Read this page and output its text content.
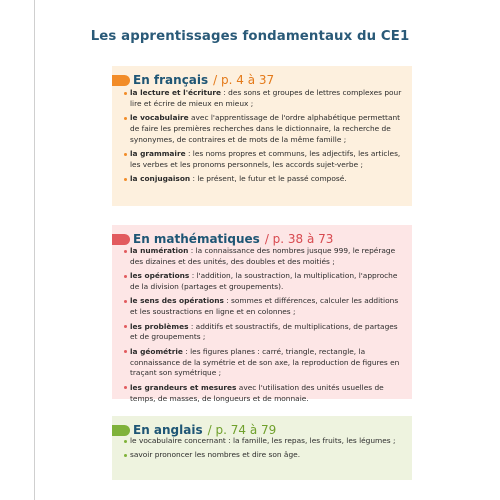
Les apprentissages fondamentaux du CE1
En français / p. 4 à 37
la lecture et l'écriture : des sons et groupes de lettres complexes pour lire et écrire de mieux en mieux ;
le vocabulaire avec l'apprentissage de l'ordre alphabétique permettant de faire les premières recherches dans le dictionnaire, la recherche de synonymes, de contraires et de mots de la même famille ;
la grammaire : les noms propres et communs, les adjectifs, les articles, les verbes et les pronoms personnels, les accords sujet-verbe ;
la conjugaison : le présent, le futur et le passé composé.
En mathématiques / p. 38 à 73
la numération : la connaissance des nombres jusque 999, le repérage des dizaines et des unités, des doubles et des moitiés ;
les opérations : l'addition, la soustraction, la multiplication, l'approche de la division (partages et groupements).
le sens des opérations : sommes et différences, calculer les additions et les soustractions en ligne et en colonnes ;
les problèmes : additifs et soustractifs, de multiplications, de partages et de groupements ;
la géométrie : les figures planes : carré, triangle, rectangle, la connaissance de la symétrie et de son axe, la reproduction de figures en traçant son symétrique ;
les grandeurs et mesures avec l'utilisation des unités usuelles de temps, de masses, de longueurs et de monnaie.
En anglais / p. 74 à 79
le vocabulaire concernant : la famille, les repas, les fruits, les légumes ;
savoir prononcer les nombres et dire son âge.
